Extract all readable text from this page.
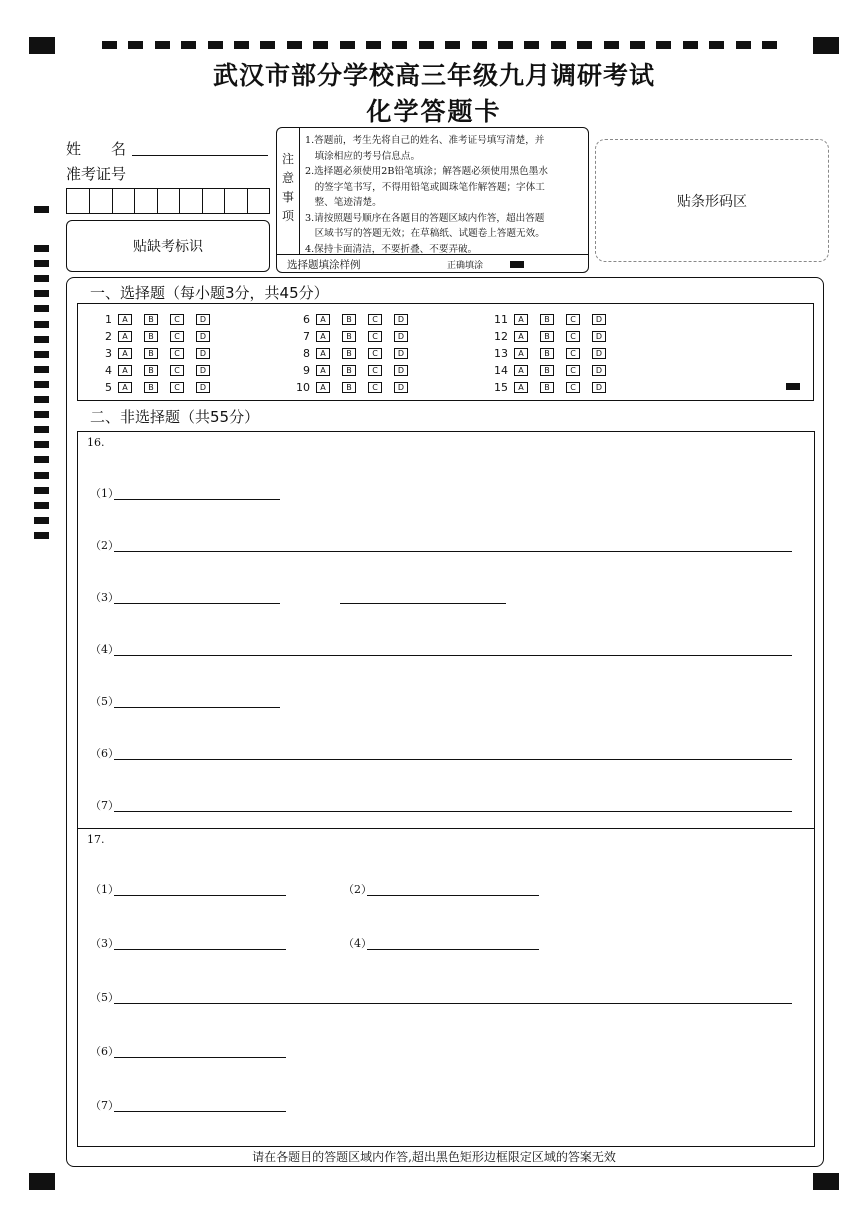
武汉市部分学校高三年级九月调研考试
化学答题卡
姓　　名
准考证号
贴缺考标识
注
意
事
项
1.答题前，考生先将自己的姓名、准考证号填写清楚，并
　填涂相应的考号信息点。
2.选择题必须使用2B铅笔填涂；解答题必须使用黑色墨水
　的签字笔书写，不得用铅笔或圆珠笔作解答题；字体工
　整、笔迹清楚。
3.请按照题号顺序在各题目的答题区域内作答，超出答题
　区域书写的答题无效；在草稿纸、试题卷上答题无效。
4.保持卡面清洁，不要折叠、不要弄破。
选择题填涂样例	正确填涂
贴条形码区
一、选择题（每小题3分，共45分）
1 A	B	C	D
2 A	B	C	D
3 A	B	C	D
4 A	B	C	D
5 A	B	C	D
6 A	B	C	D
7 A	B	C	D
8 A	B	C	D
9 A	B	C	D
10 A	B	C	D
11 A	B	C	D
12 A	B	C	D
13 A	B	C	D
14 A	B	C	D
15 A	B	C	D
二、非选择题（共55分）
16.
17.
（1）
（2）
（3）
（4）
（5）
（6）
（7）
（1）	（2）
（3）	（4）
（5）
（6）
（7）
请在各题目的答题区域内作答,超出黑色矩形边框限定区域的答案无效
